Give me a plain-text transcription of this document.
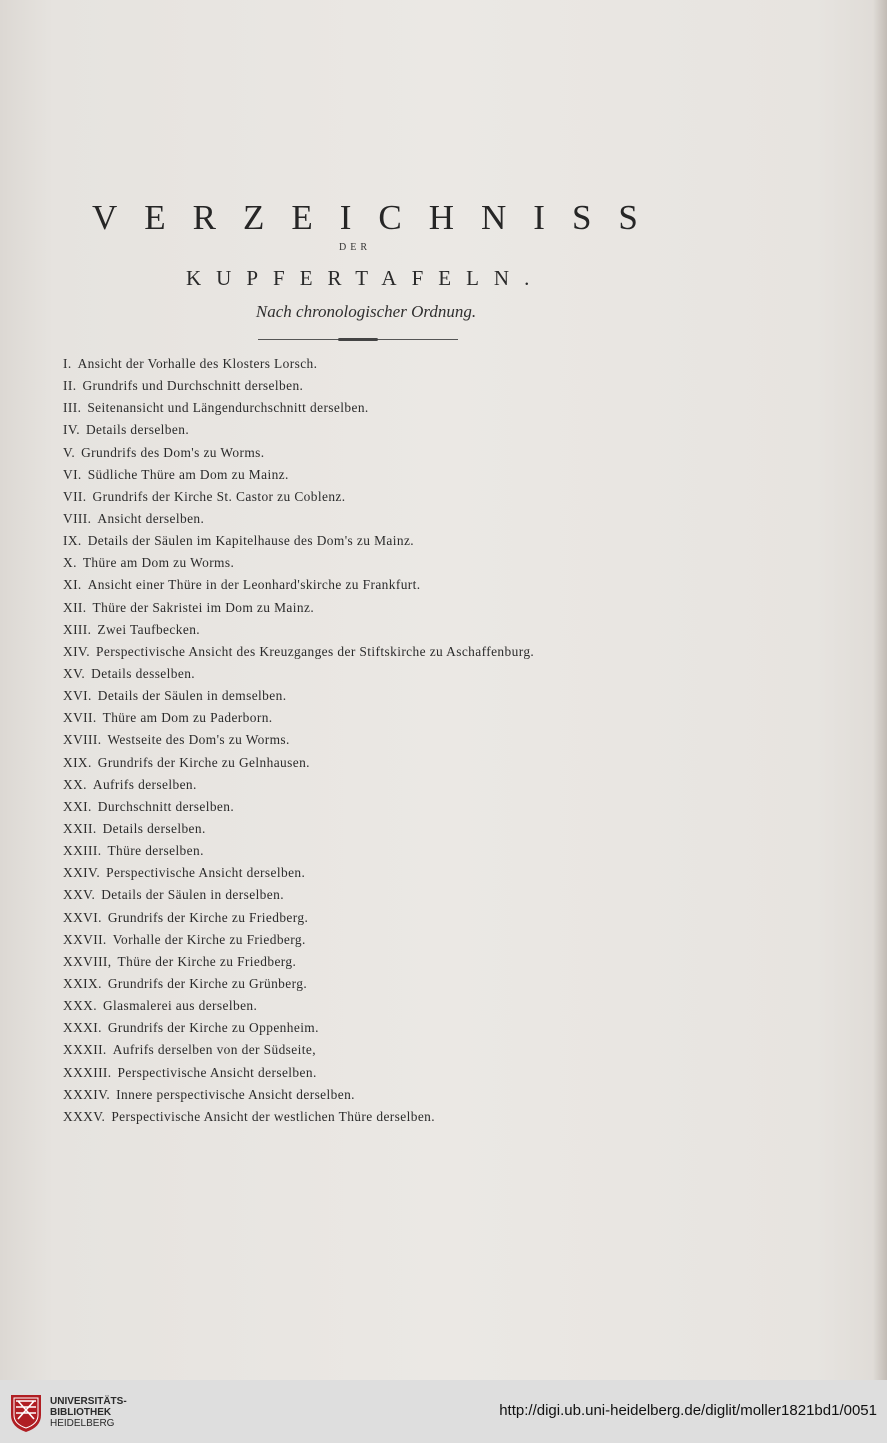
VERZEICHNISS
DER
KUPFERTAFELN.
Nach chronologischer Ordnung.
I. Ansicht der Vorhalle des Klosters Lorsch.
II. Grundrifs und Durchschnitt derselben.
III. Seitenansicht und Längendurchschnitt derselben.
IV. Details derselben.
V. Grundrifs des Dom's zu Worms.
VI. Südliche Thüre am Dom zu Mainz.
VII. Grundrifs der Kirche St. Castor zu Coblenz.
VIII. Ansicht derselben.
IX. Details der Säulen im Kapitelhause des Dom's zu Mainz.
X. Thüre am Dom zu Worms.
XI. Ansicht einer Thüre in der Leonhard'skirche zu Frankfurt.
XII. Thüre der Sakristei im Dom zu Mainz.
XIII. Zwei Taufbecken.
XIV. Perspectivische Ansicht des Kreuzganges der Stiftskirche zu Aschaffenburg.
XV. Details desselben.
XVI. Details der Säulen in demselben.
XVII. Thüre am Dom zu Paderborn.
XVIII. Westseite des Dom's zu Worms.
XIX. Grundrifs der Kirche zu Gelnhausen.
XX. Aufrifs derselben.
XXI. Durchschnitt derselben.
XXII. Details derselben.
XXIII. Thüre derselben.
XXIV. Perspectivische Ansicht derselben.
XXV. Details der Säulen in derselben.
XXVI. Grundrifs der Kirche zu Friedberg.
XXVII. Vorhalle der Kirche zu Friedberg.
XXVIII, Thüre der Kirche zu Friedberg.
XXIX. Grundrifs der Kirche zu Grünberg.
XXX. Glasmalerei aus derselben.
XXXI. Grundrifs der Kirche zu Oppenheim.
XXXII. Aufrifs derselben von der Südseite,
XXXIII. Perspectivische Ansicht derselben.
XXXIV. Innere perspectivische Ansicht derselben.
XXXV. Perspectivische Ansicht der westlichen Thüre derselben.
UNIVERSITÄTS-
BIBLIOTHEK
HEIDELBERG
http://digi.ub.uni-heidelberg.de/diglit/moller1821bd1/0051
